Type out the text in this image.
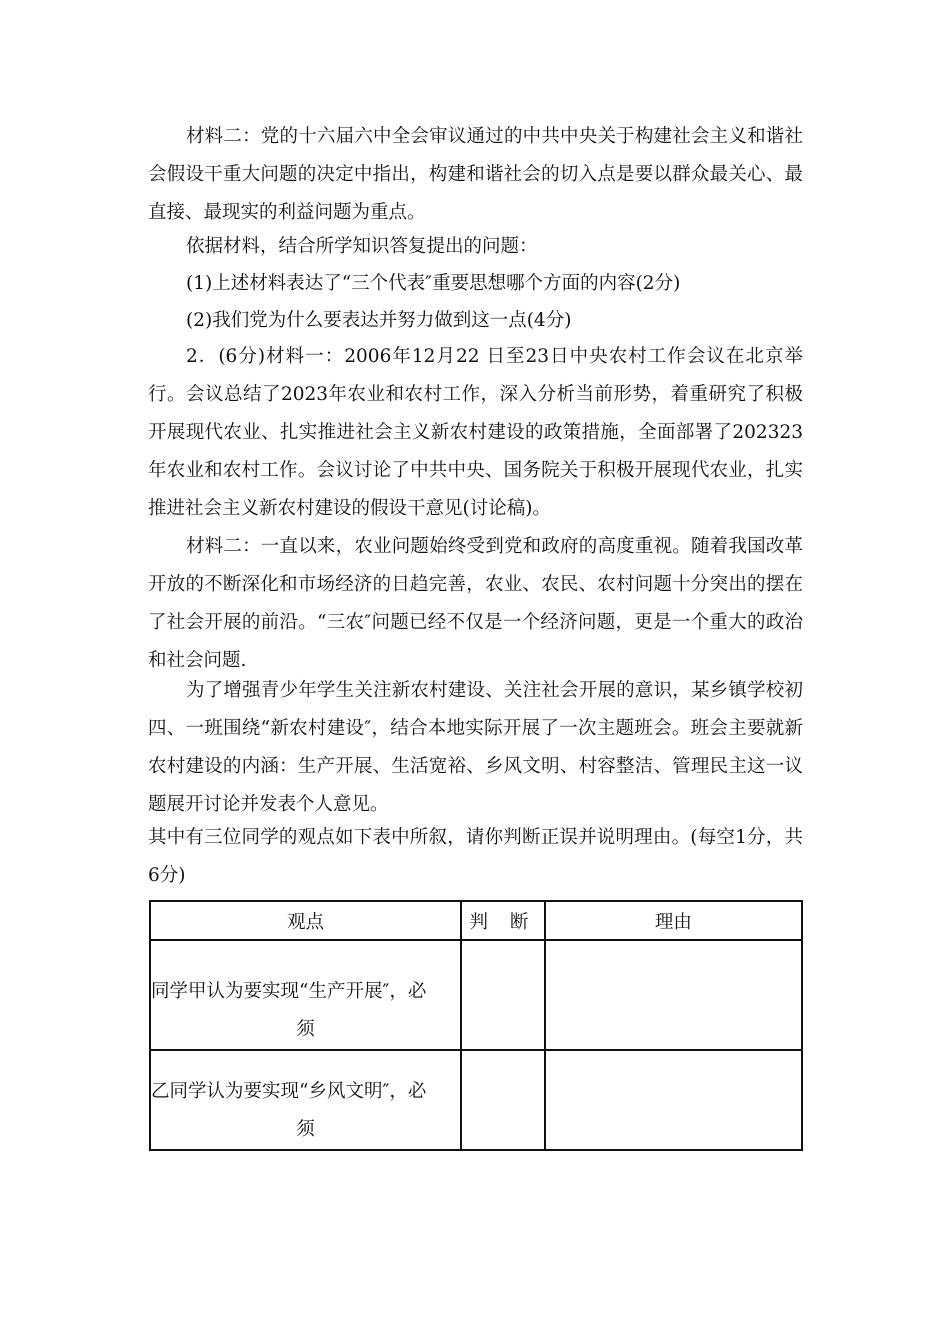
材料二：党的十六届六中全会审议通过的中共中央关于构建社会主义和谐社会假设干重大问题的决定中指出，构建和谐社会的切入点是要以群众最关心、最直接、最现实的利益问题为重点。

依据材料，结合所学知识答复提出的问题：

(1)上述材料表达了“三个代表″重要思想哪个方面的内容(2分)

(2)我们党为什么要表达并努力做到这一点(4分)

2．(6分)材料一：2006年12月22 日至23日中央农村工作会议在北京举行。会议总结了2023年农业和农村工作，深入分析当前形势，着重研究了积极开展现代农业、扎实推进社会主义新农村建设的政策措施，全面部署了202323年农业和农村工作。会议讨论了中共中央、国务院关于积极开展现代农业，扎实推进社会主义新农村建设的假设干意见(讨论稿)。

材料二：一直以来，农业问题始终受到党和政府的高度重视。随着我国改革开放的不断深化和市场经济的日趋完善，农业、农民、农村问题十分突出的摆在了社会开展的前沿。“三农″问题已经不仅是一个经济问题，更是一个重大的政治和社会问题.

为了增强青少年学生关注新农村建设、关注社会开展的意识，某乡镇学校初四、一班围绕“新农村建设″，结合本地实际开展了一次主题班会。班会主要就新农村建设的内涵：生产开展、生活宽裕、乡风文明、村容整洁、管理民主这一议题展开讨论并发表个人意见。

其中有三位同学的观点如下表中所叙，请你判断正误并说明理由。(每空1分，共6分)

观点	判 断	理由
同学甲认为要实现“生产开展″，必
须		

乙同学认为要实现“乡风文明″，必
须		
